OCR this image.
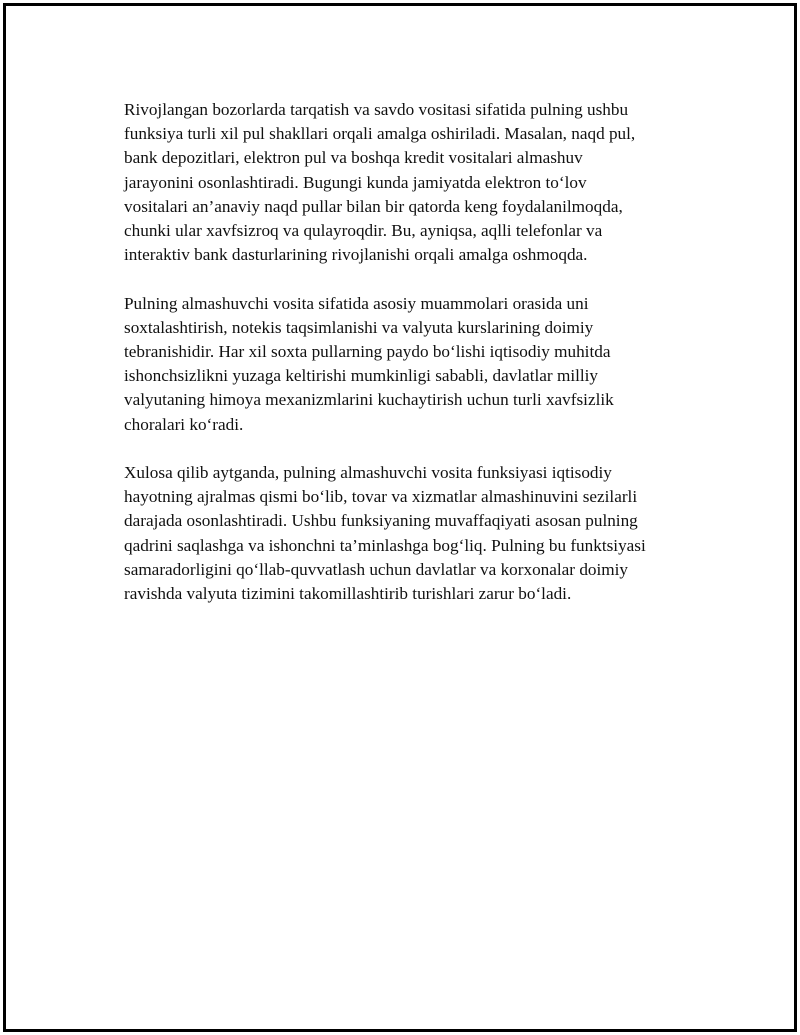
Rivojlangan bozorlarda tarqatish va savdo vositasi sifatida pulning ushbu
funksiya turli xil pul shakllari orqali amalga oshiriladi. Masalan, naqd pul,
bank depozitlari, elektron pul va boshqa kredit vositalari almashuv
jarayonini osonlashtiradi. Bugungi kunda jamiyatda elektron to‘lov
vositalari an’anaviy naqd pullar bilan bir qatorda keng foydalanilmoqda,
chunki ular xavfsizroq va qulayroqdir. Bu, ayniqsa, aqlli telefonlar va
interaktiv bank dasturlarining rivojlanishi orqali amalga oshmoqda.

Pulning almashuvchi vosita sifatida asosiy muammolari orasida uni
soxtalashtirish, notekis taqsimlanishi va valyuta kurslarining doimiy
tebranishidir. Har xil soxta pullarning paydo bo‘lishi iqtisodiy muhitda
ishonchsizlikni yuzaga keltirishi mumkinligi sababli, davlatlar milliy
valyutaning himoya mexanizmlarini kuchaytirish uchun turli xavfsizlik
choralari ko‘radi.

Xulosa qilib aytganda, pulning almashuvchi vosita funksiyasi iqtisodiy
hayotning ajralmas qismi bo‘lib, tovar va xizmatlar almashinuvini sezilarli
darajada osonlashtiradi. Ushbu funksiyaning muvaffaqiyati asosan pulning
qadrini saqlashga va ishonchni ta’minlashga bog‘liq. Pulning bu funktsiyasi
samaradorligini qo‘llab-quvvatlash uchun davlatlar va korxonalar doimiy
ravishda valyuta tizimini takomillashtirib turishlari zarur bo‘ladi.
